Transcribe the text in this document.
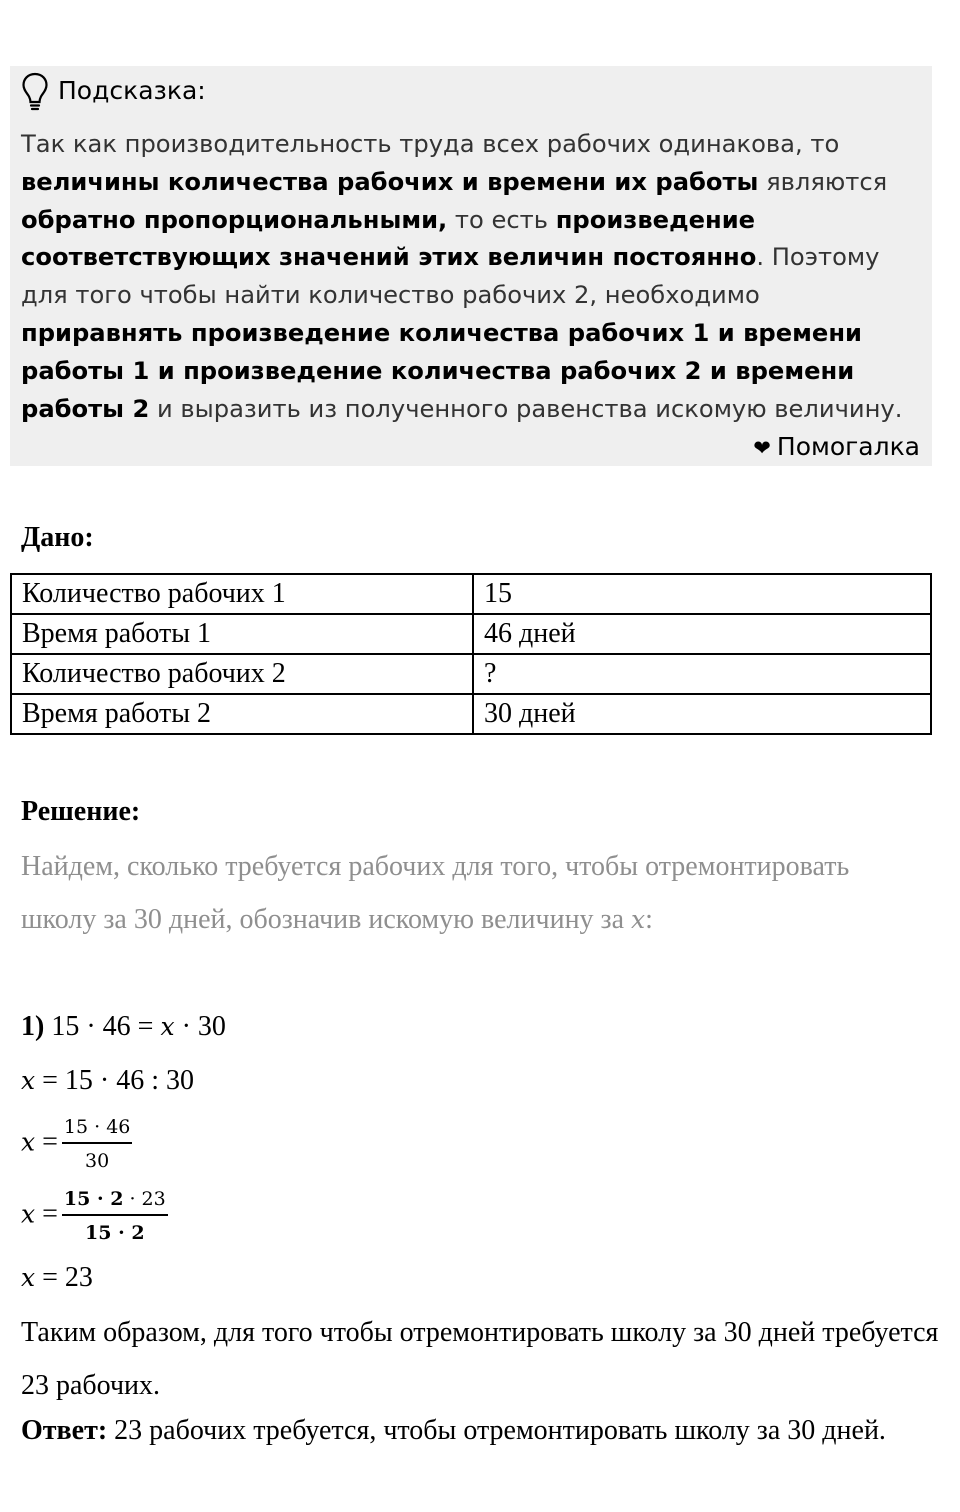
Подсказка:

Так как производительность труда всех рабочих одинакова, то величины количества рабочих и времени их работы являются обратно пропорциональными, то есть произведение соответствующих значений этих величин постоянно. Поэтому для того чтобы найти количество рабочих 2, необходимо приравнять произведение количества рабочих 1 и времени работы 1 и произведение количества рабочих 2 и времени работы 2 и выразить из полученного равенства искомую величину.

❤ Помогалка
Дано:
Количество рабочих 1	15
Время работы 1	46 дней
Количество рабочих 2	?
Время работы 2	30 дней
Решение:
Найдем, сколько требуется рабочих для того, чтобы отремонтировать школу за 30 дней, обозначив искомую величину за x:
1) 15 · 46 = x · 30
x = 15 · 46 : 30
$x = \frac{15 \cdot 46}{30}$
$x = \frac{15 \cdot 2 \cdot 23}{15 \cdot 2}$
x = 23
Таким образом, для того чтобы отремонтировать школу за 30 дней требуется 23 рабочих.
Ответ: 23 рабочих требуется, чтобы отремонтировать школу за 30 дней.
